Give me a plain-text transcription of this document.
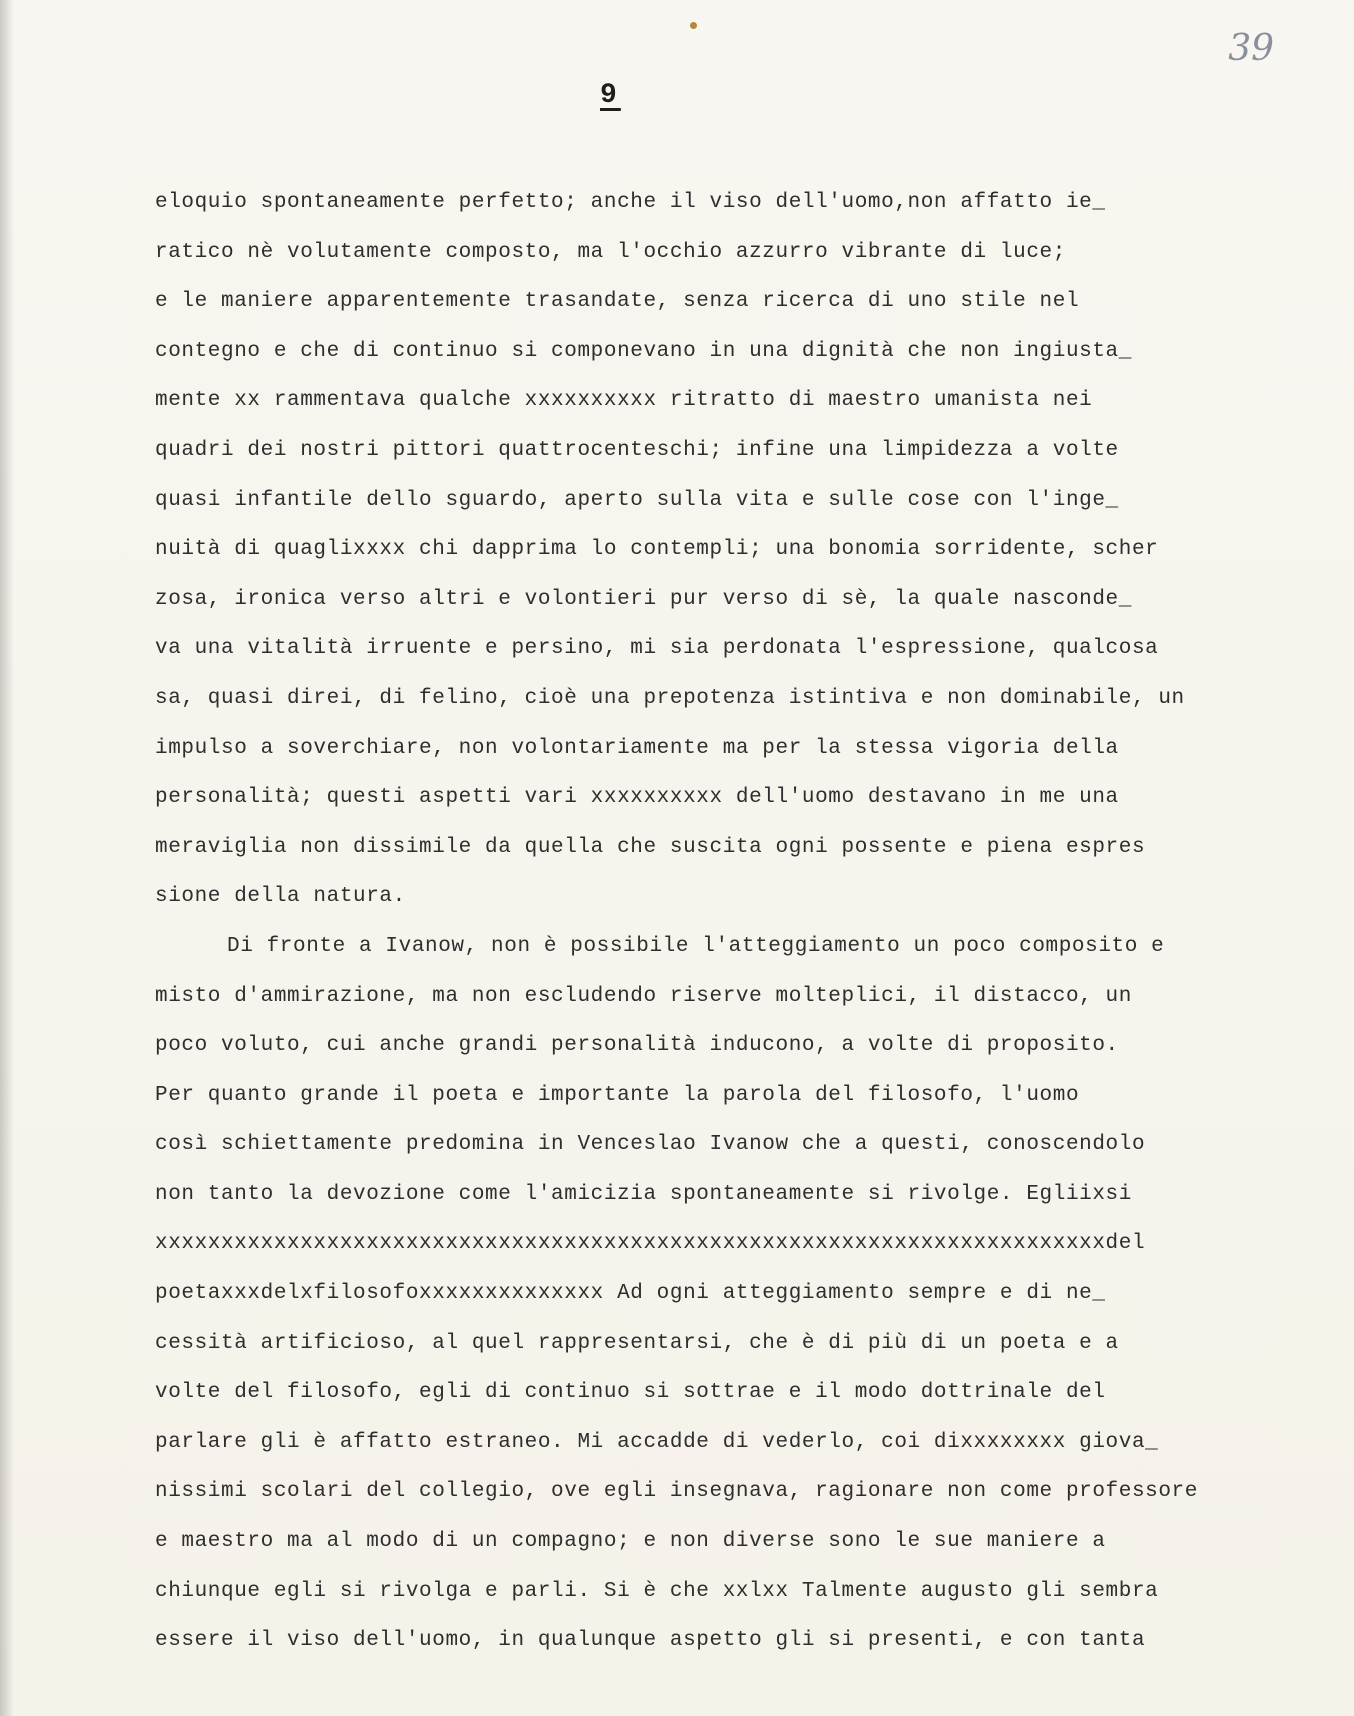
39
9
eloquio spontaneamente perfetto; anche il viso dell'uomo,non affatto ie_
ratico nè volutamente composto, ma l'occhio azzurro vibrante di luce;
e le maniere apparentemente trasandate, senza ricerca di uno stile nel
contegno e che di continuo si componevano in una dignità che non ingiusta_
mente xx rammentava qualche xxxxxxxxxx ritratto di maestro umanista nei
quadri dei nostri pittori quattrocenteschi; infine una limpidezza a volte
quasi infantile dello sguardo, aperto sulla vita e sulle cose con l'inge_
nuità di quaglixxxx chi dapprima lo contempli; una bonomia sorridente, scher
zosa, ironica verso altri e volontieri pur verso di sè, la quale nasconde_
va una vitalità irruente e persino, mi sia perdonata l'espressione, qualcosa
sa, quasi direi, di felino, cioè una prepotenza istintiva e non dominabile, un
impulso a soverchiare, non volontariamente ma per la stessa vigoria della
personalità; questi aspetti vari xxxxxxxxxx dell'uomo destavano in me una
meraviglia non dissimile da quella che suscita ogni possente e piena espres
sione della natura.
Di fronte a Ivanow, non è possibile l'atteggiamento un poco composito e
misto d'ammirazione, ma non escludendo riserve molteplici, il distacco, un
poco voluto, cui anche grandi personalità inducono, a volte di proposito.
Per quanto grande il poeta e importante la parola del filosofo, l'uomo
così schiettamente predomina in Venceslao Ivanow che a questi, conoscendolo
non tanto la devozione come l'amicizia spontaneamente si rivolge. Egliixsi
xxxxxxxxxxxxxxxxxxxxxxxxxxxxxxxxxxxxxxxxxxxxxxxxxxxxxxxxxxxxxxxxxxxxxxxxdel
poetaxxxdelxfilosofoxxxxxxxxxxxxxx Ad ogni atteggiamento sempre e di ne_
cessità artificioso, al quel rappresentarsi, che è di più di un poeta e a
volte del filosofo, egli di continuo si sottrae e il modo dottrinale del
parlare gli è affatto estraneo. Mi accadde di vederlo, coi dixxxxxxxx giova_
nissimi scolari del collegio, ove egli insegnava, ragionare non come professore
e maestro ma al modo di un compagno; e non diverse sono le sue maniere a
chiunque egli si rivolga e parli. Si è che xxlxx Talmente augusto gli sembra
essere il viso dell'uomo, in qualunque aspetto gli si presenti, e con tanta
